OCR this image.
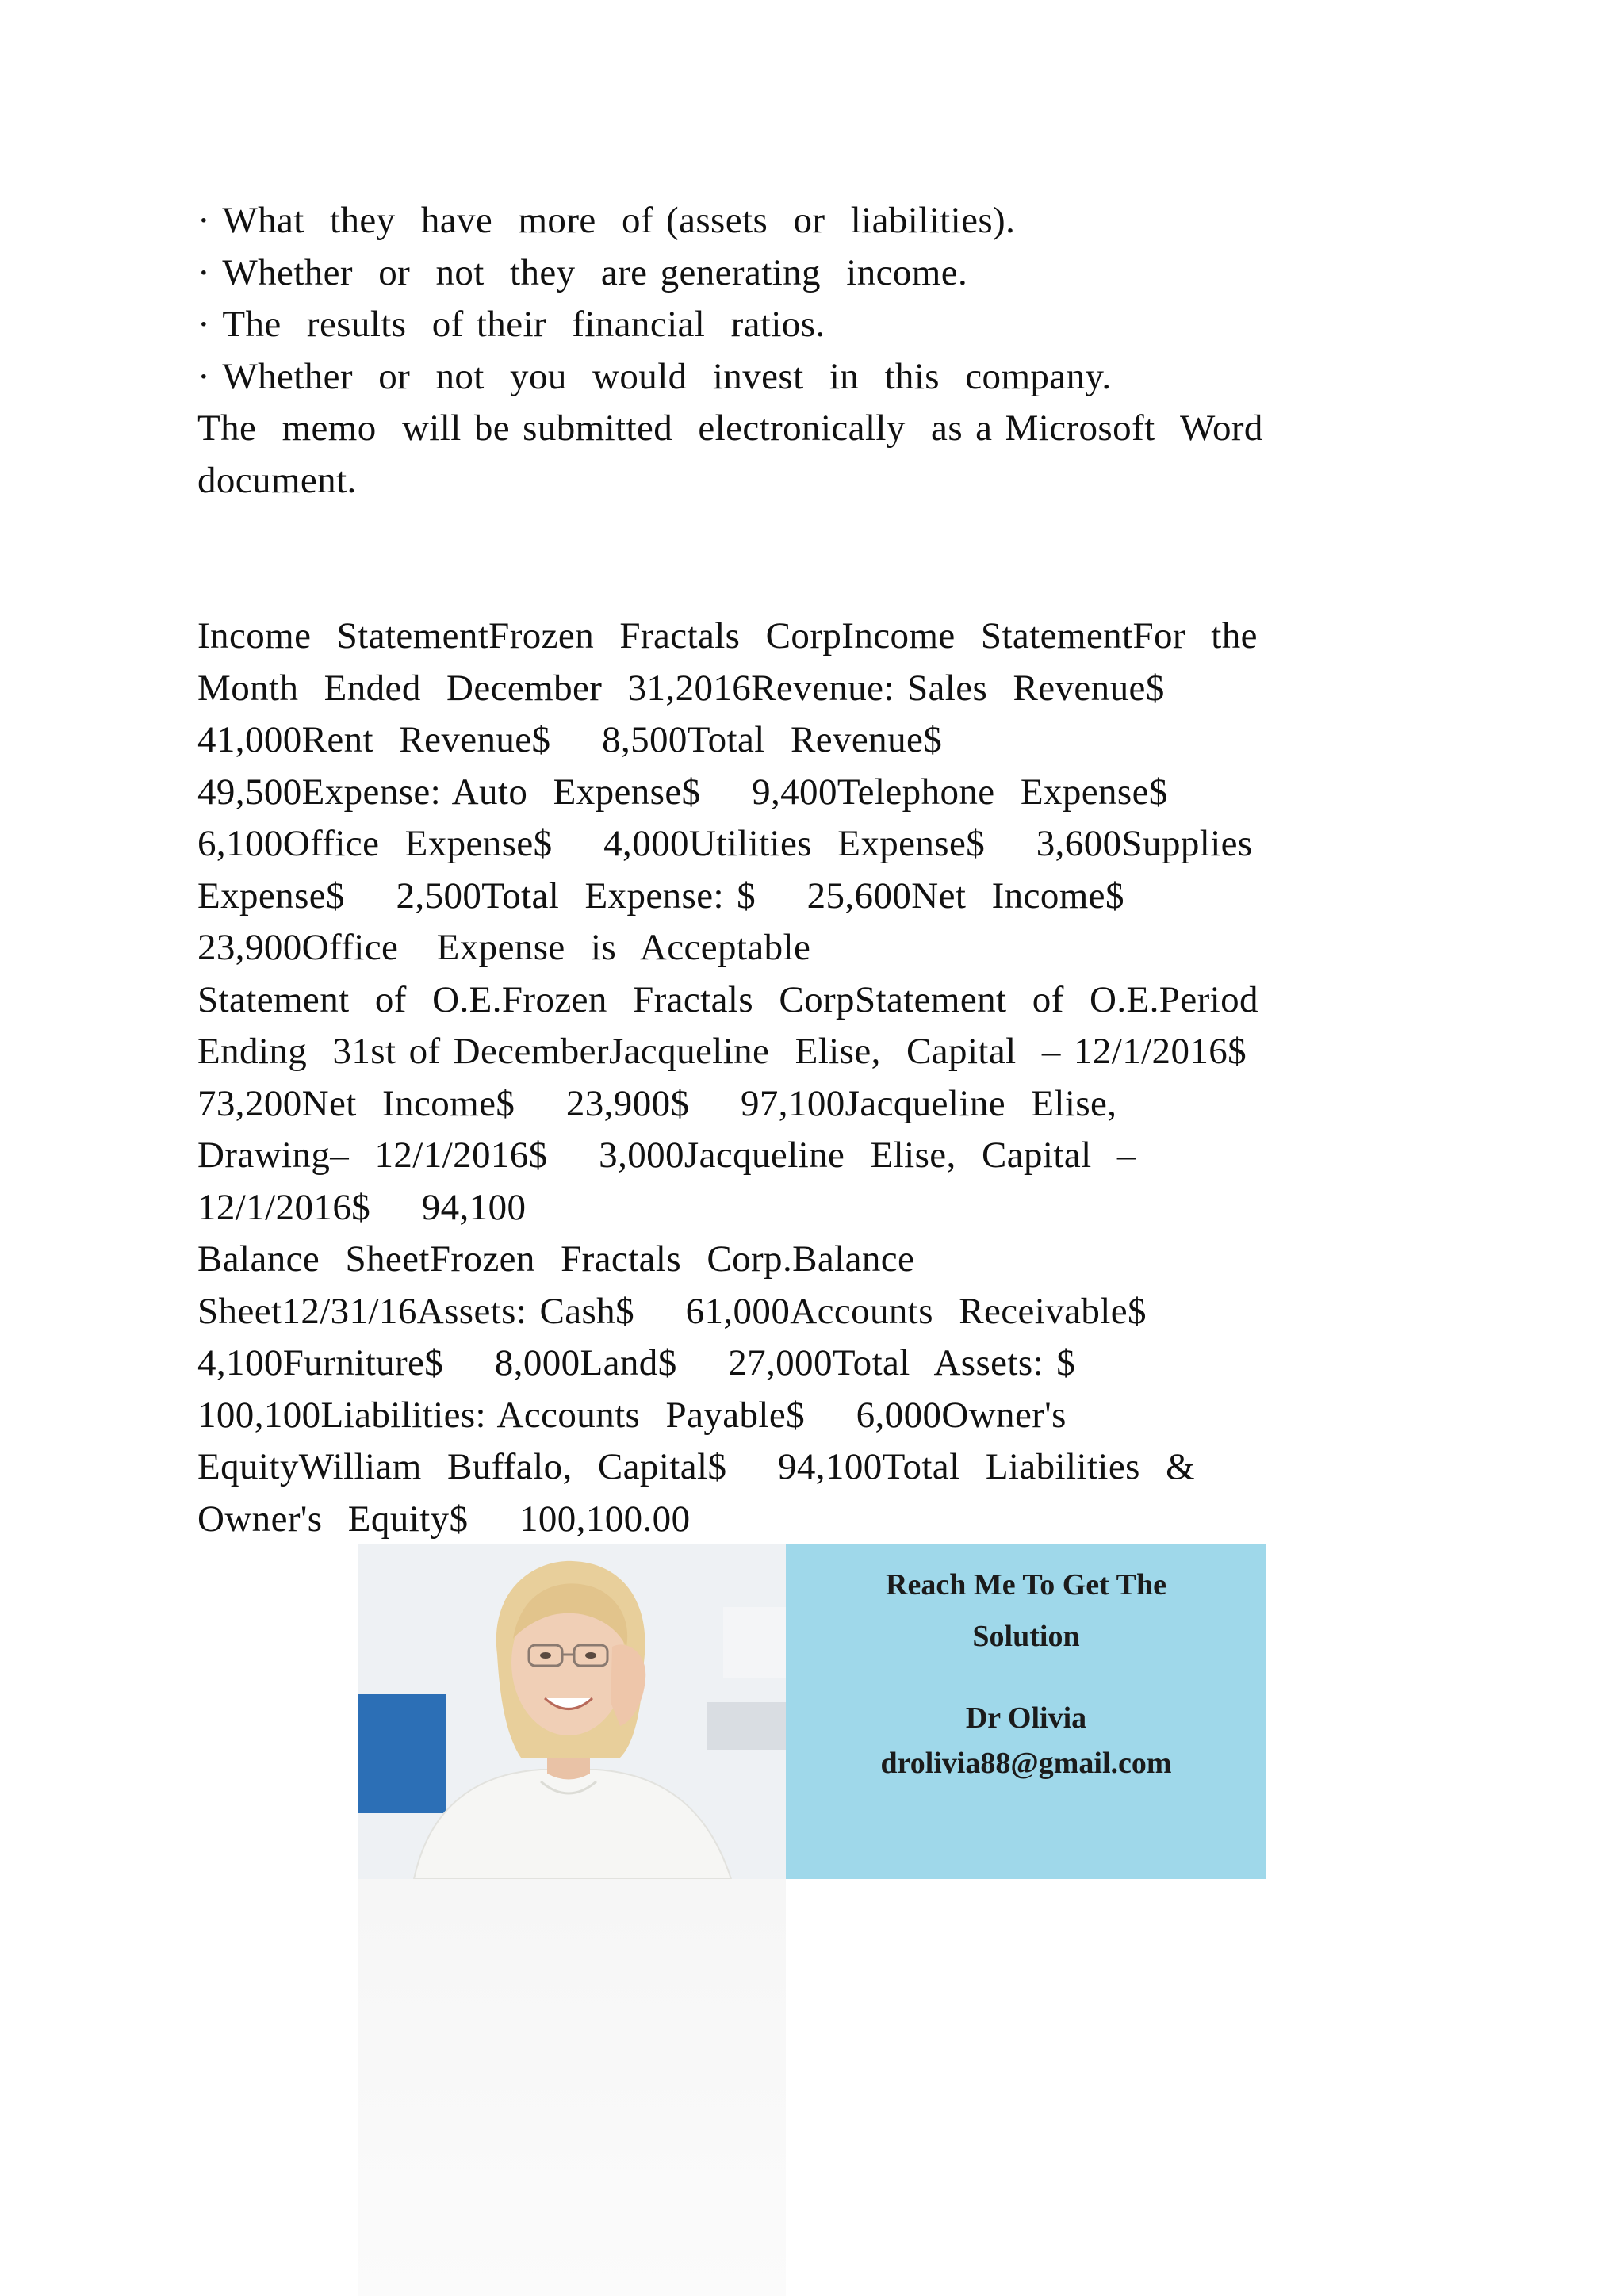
· What  they  have  more  of (assets  or  liabilities).
· Whether  or  not  they  are generating  income.
· The  results  of their  financial  ratios.
· Whether  or  not  you  would  invest  in  this  company.
The  memo  will be submitted  electronically  as a Microsoft  Word
document.
Income  StatementFrozen  Fractals  CorpIncome  StatementFor  the
Month  Ended  December  31,2016Revenue: Sales  Revenue$
41,000Rent  Revenue$    8,500Total  Revenue$
49,500Expense: Auto  Expense$    9,400Telephone  Expense$
6,100Office  Expense$    4,000Utilities  Expense$    3,600Supplies
Expense$    2,500Total  Expense: $    25,600Net  Income$
23,900Office   Expense  is  Acceptable
Statement  of  O.E.Frozen  Fractals  CorpStatement  of  O.E.Period
Ending  31st of DecemberJacqueline  Elise,  Capital  – 12/1/2016$
73,200Net  Income$    23,900$    97,100Jacqueline  Elise,
Drawing–  12/1/2016$    3,000Jacqueline  Elise,  Capital  –
12/1/2016$    94,100
Balance  SheetFrozen  Fractals  Corp.Balance
Sheet12/31/16Assets: Cash$    61,000Accounts  Receivable$
4,100Furniture$    8,000Land$    27,000Total  Assets: $
100,100Liabilities: Accounts  Payable$    6,000Owner's
EquityWilliam  Buffalo,  Capital$    94,100Total  Liabilities  &
Owner's  Equity$    100,100.00
Reach Me To Get The
Solution
Dr Olivia
drolivia88@gmail.com
